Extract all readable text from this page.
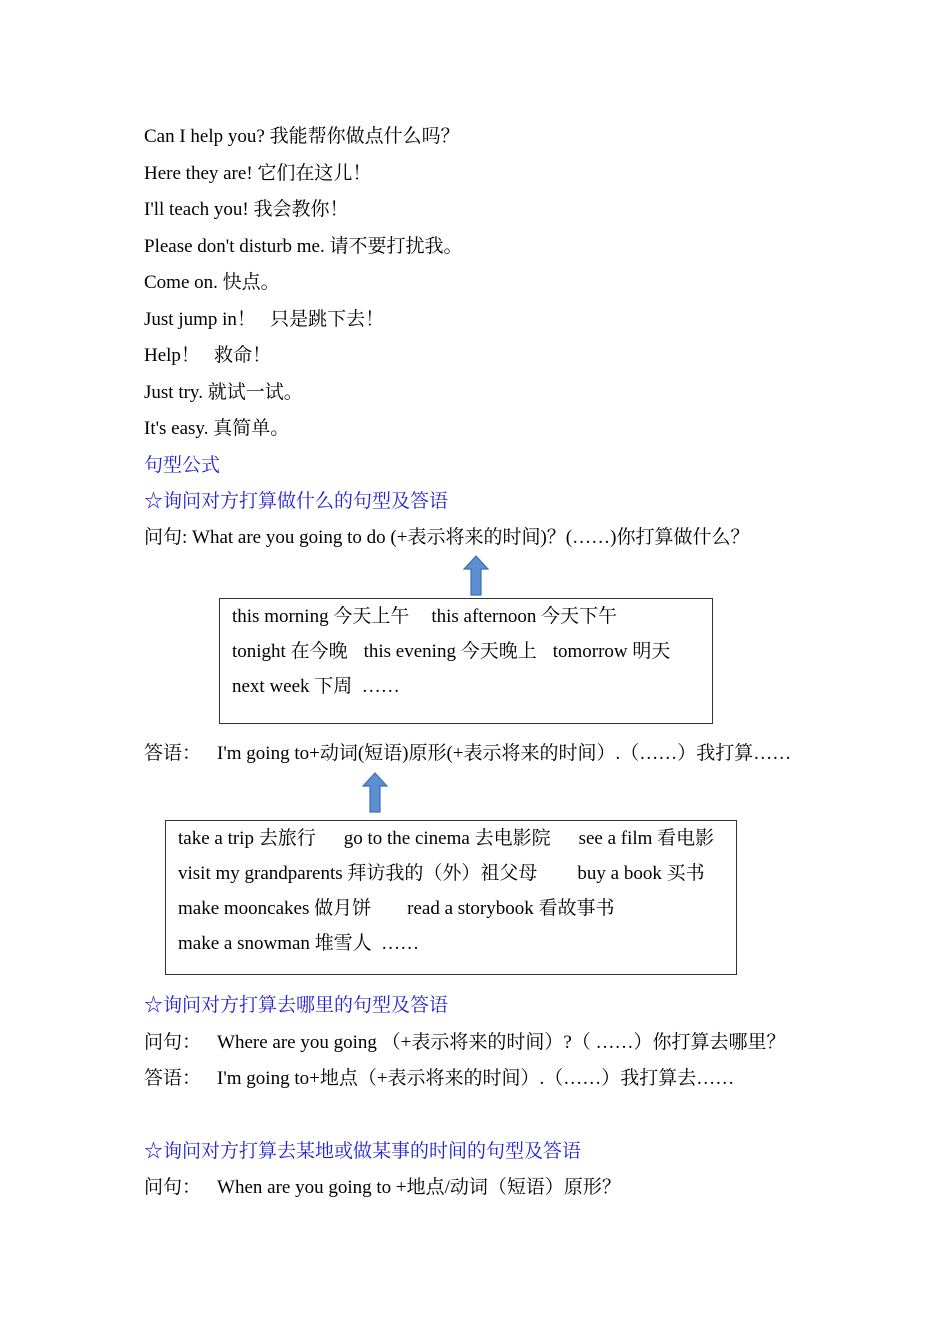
Can I help you? 我能帮你做点什么吗？
Here they are! 它们在这儿！
I'll teach you! 我会教你！
Please don't disturb me. 请不要打扰我。
Come on. 快点。
Just jump in！   只是跳下去！
Help！   救命！
Just try. 就试一试。
It's easy. 真简单。
句型公式
☆询问对方打算做什么的句型及答语
问句: What are you going to do (+表示将来的时间)？(……)你打算做什么？
this morning 今天上午 this afternoon 今天下午
tonight 在今晚 this evening 今天晚上 tomorrow 明天
next week 下周  ……
答语： I'm going to+动词(短语)原形(+表示将来的时间）.（……）我打算……
take a trip 去旅行 go to the cinema 去电影院 see a film 看电影
visit my grandparents 拜访我的（外）祖父母 buy a book 买书
make mooncakes 做月饼 read a storybook 看故事书
make a snowman 堆雪人  ……
☆询问对方打算去哪里的句型及答语
问句： Where are you going （+表示将来的时间）?（ ……）你打算去哪里？
答语： I'm going to+地点（+表示将来的时间）.（……）我打算去……
☆询问对方打算去某地或做某事的时间的句型及答语
问句： When are you going to +地点/动词（短语）原形？
